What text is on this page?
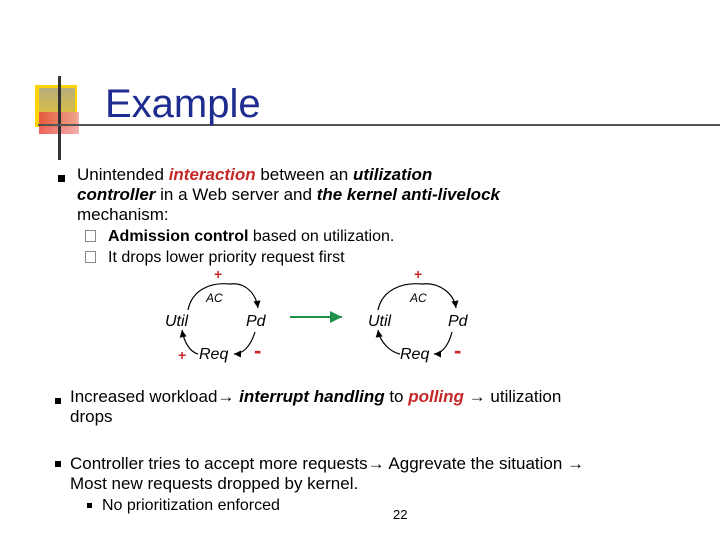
Example
Unintended interaction between an utilization
controller in a Web server and the kernel anti-livelock
mechanism:
Admission control based on utilization.
It drops lower priority request first
+
AC
Util	Pd
+ Req -
+
AC
Util	Pd
Req -
Increased workload→ interrupt handling to polling → utilization
drops
Controller tries to accept more requests→ Aggrevate the situation →
Most new requests dropped by kernel.
No prioritization enforced
22
